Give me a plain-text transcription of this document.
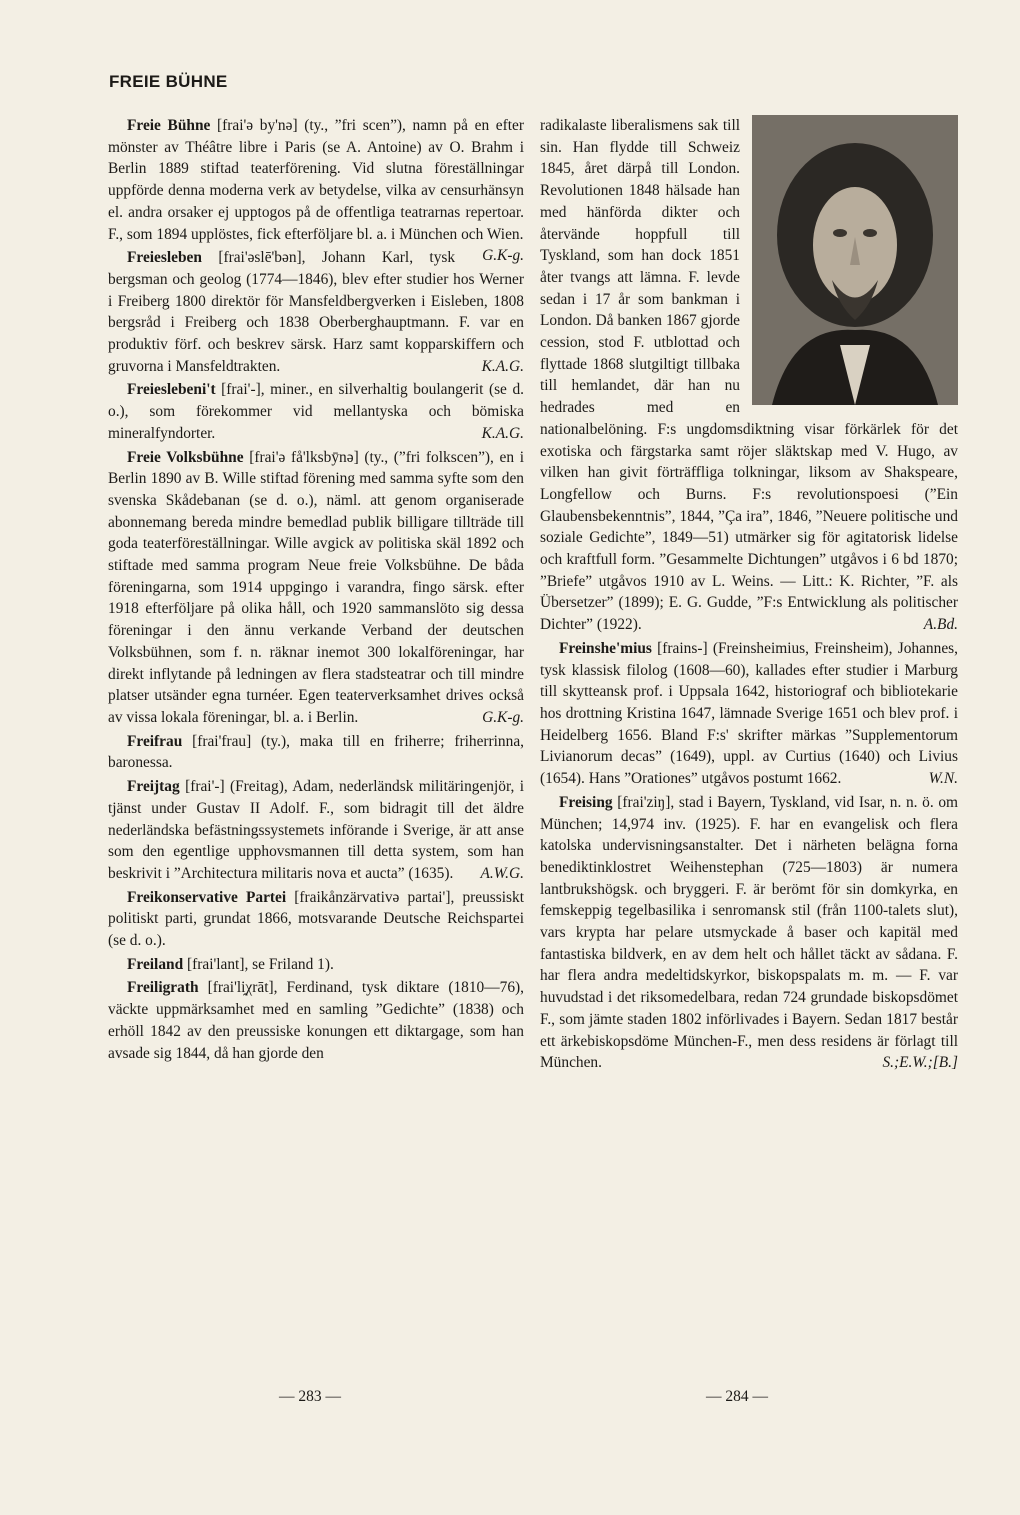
FREIE BÜHNE

Freie Bühne [frai'ə by'nə] (ty., ”fri scen”), namn på en efter mönster av Théâtre libre i Paris (se A. Antoine) av O. Brahm i Berlin 1889 stiftad teaterförening. Vid slutna föreställningar uppförde denna moderna verk av betydelse, vilka av censurhänsyn el. andra orsaker ej upptogos på de offentliga teatrarnas repertoar. F., som 1894 upplöstes, fick efterföljare bl. a. i München och Wien.
G.K-g.

Freiesleben [frai'əslē'bən], Johann Karl, tysk bergsman och geolog (1774—1846), blev efter studier hos Werner i Freiberg 1800 direktör för Mansfeldbergverken i Eisleben, 1808 bergsråd i Freiberg och 1838 Oberberghauptmann. F. var en produktiv förf. och beskrev särsk. Harz samt kopparskiffern och gruvorna i Mansfeldtrakten.	K.A.G.

Freieslebeni't [frai'-], miner., en silverhaltig boulangerit (se d. o.), som förekommer vid mellantyska och bömiska mineralfyndorter.	K.A.G.

Freie Volksbühne [frai'ə få'lksbȳnə] (ty., (”fri folkscen”), en i Berlin 1890 av B. Wille stiftad förening med samma syfte som den svenska Skådebanan (se d. o.), näml. att genom organiserade abonnemang bereda mindre bemedlad publik billigare tillträde till goda teaterföreställningar. Wille avgick av politiska skäl 1892 och stiftade med samma program Neue freie Volksbühne. De båda föreningarna, som 1914 uppgingo i varandra, fingo särsk. efter 1918 efterföljare på olika håll, och 1920 sammanslöto sig dessa föreningar i den ännu verkande Verband der deutschen Volksbühnen, som f. n. räknar inemot 300 lokalföreningar, har direkt inflytande på ledningen av flera stadsteatrar och till mindre platser utsänder egna turnéer. Egen teaterverksamhet drives också av vissa lokala föreningar, bl. a. i Berlin.	G.K-g.

Freifrau [frai'frau] (ty.), maka till en friherre; friherrinna, baronessa.

Freijtag [frai'-] (Freitag), Adam, nederländsk militäringenjör, i tjänst under Gustav II Adolf. F., som bidragit till det äldre nederländska befästningssystemets införande i Sverige, är att anse som den egentlige upphovsmannen till detta system, som han beskrivit i ”Architectura militaris nova et aucta” (1635).	A.W.G.

Freikonservative Partei [fraikånzärvativə partai'], preussiskt politiskt parti, grundat 1866, motsvarande Deutsche Reichspartei (se d. o.).

Freiland [frai'lant], se Friland 1).

Freiligrath [frai'li̯χrāt], Ferdinand, tysk diktare (1810—76), väckte uppmärksamhet med en samling ”Gedichte” (1838) och erhöll 1842 av den preussiske konungen ett diktargage, som han avsade sig 1844, då han gjorde den

radikalaste liberalismens sak till sin. Han flydde till Schweiz 1845, året därpå till London. Revolutionen 1848 hälsade han med hänförda dikter och återvände hoppfull till Tyskland, som han dock 1851 åter tvangs att lämna. F. levde sedan i 17 år som bankman i London. Då banken 1867 gjorde cession, stod F. utblottad och flyttade 1868 slutgiltigt tillbaka till hemlandet, där han nu hedrades med en nationalbelöning. F:s ungdomsdiktning visar förkärlek för det exotiska och färgstarka samt röjer släktskap med V. Hugo, av vilken han givit förträffliga tolkningar, liksom av Shakspeare, Longfellow och Burns. F:s revolutionspoesi (”Ein Glaubensbekenntnis”, 1844, ”Ça ira”, 1846, ”Neuere politische und soziale Gedichte”, 1849—51) utmärker sig för agitatorisk lidelse och kraftfull form. ”Gesammelte Dichtungen” utgåvos i 6 bd 1870; ”Briefe” utgåvos 1910 av L. Weins. — Litt.: K. Richter, ”F. als Übersetzer” (1899); E. G. Gudde, ”F:s Entwicklung als politischer Dichter” (1922).	A.Bd.

Freinshe'mius [frains-] (Freinsheimius, Freinsheim), Johannes, tysk klassisk filolog (1608—60), kallades efter studier i Marburg till skytteansk prof. i Uppsala 1642, historiograf och bibliotekarie hos drottning Kristina 1647, lämnade Sverige 1651 och blev prof. i Heidelberg 1656. Bland F:s' skrifter märkas ”Supplementorum Livianorum decas” (1649), uppl. av Curtius (1640) och Livius (1654). Hans ”Orationes” utgåvos postumt 1662.	W.N.

Freising [frai'ziŋ], stad i Bayern, Tyskland, vid Isar, n. n. ö. om München; 14,974 inv. (1925). F. har en evangelisk och flera katolska undervisningsanstalter. Det i närheten belägna forna benediktinklostret Weihenstephan (725—1803) är numera lantbrukshögsk. och bryggeri. F. är berömt för sin domkyrka, en femskeppig tegelbasilika i senromansk stil (från 1100-talets slut), vars krypta har pelare utsmyckade å baser och kapitäl med fantastiska bildverk, en av dem helt och hållet täckt av sådana. F. har flera andra medeltidskyrkor, biskopspalats m. m. — F. var huvudstad i det riksomedelbara, redan 724 grundade biskopsdömet F., som jämte staden 1802 införlivades i Bayern. Sedan 1817 består ett ärkebiskopsdöme München-F., men dess residens är förlagt till München.	S.;E.W.;[B.]

— 283 —	— 284 —
